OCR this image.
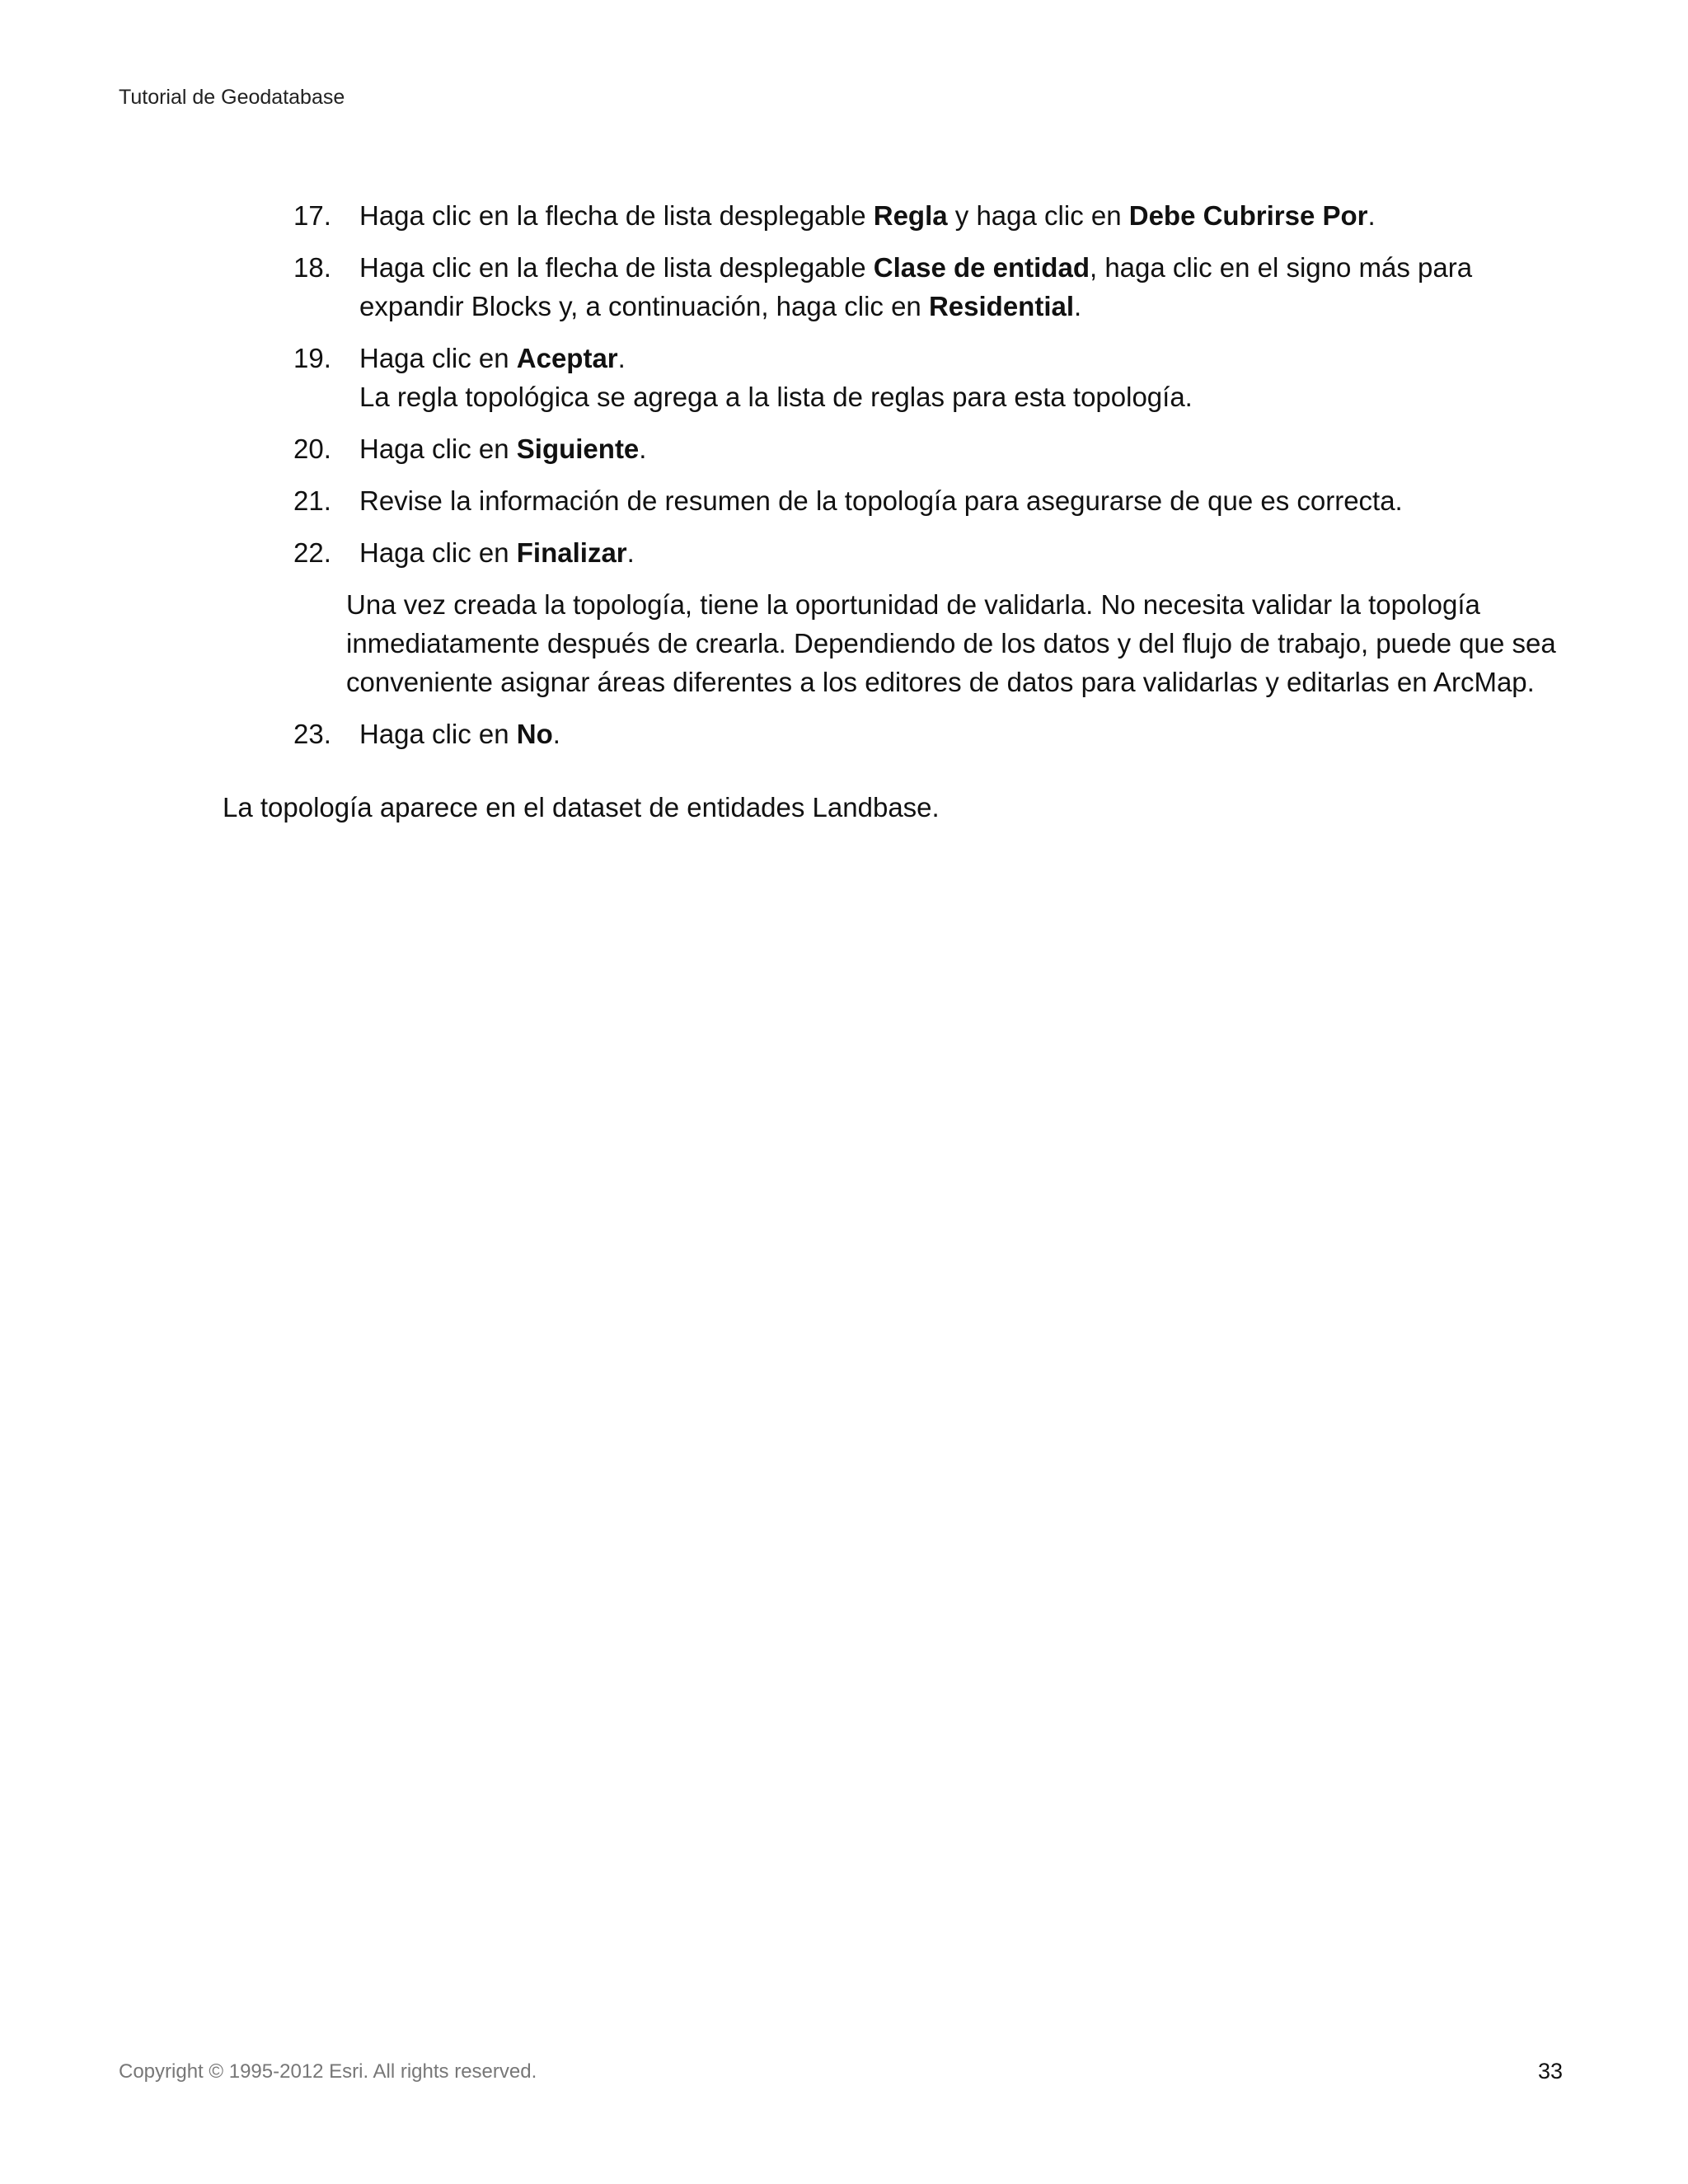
Tutorial de Geodatabase
17.	Haga clic en la flecha de lista desplegable Regla y haga clic en Debe Cubrirse Por.
18.	Haga clic en la flecha de lista desplegable Clase de entidad, haga clic en el signo más para expandir Blocks y, a continuación, haga clic en Residential.
19.	Haga clic en Aceptar.
La regla topológica se agrega a la lista de reglas para esta topología.
20.	Haga clic en Siguiente.
21.	Revise la información de resumen de la topología para asegurarse de que es correcta.
22.	Haga clic en Finalizar.

Una vez creada la topología, tiene la oportunidad de validarla. No necesita validar la topología inmediatamente después de crearla. Dependiendo de los datos y del flujo de trabajo, puede que sea conveniente asignar áreas diferentes a los editores de datos para validarlas y editarlas en ArcMap.

23.	Haga clic en No.

La topología aparece en el dataset de entidades Landbase.

Copyright © 1995-2012 Esri. All rights reserved.	33
